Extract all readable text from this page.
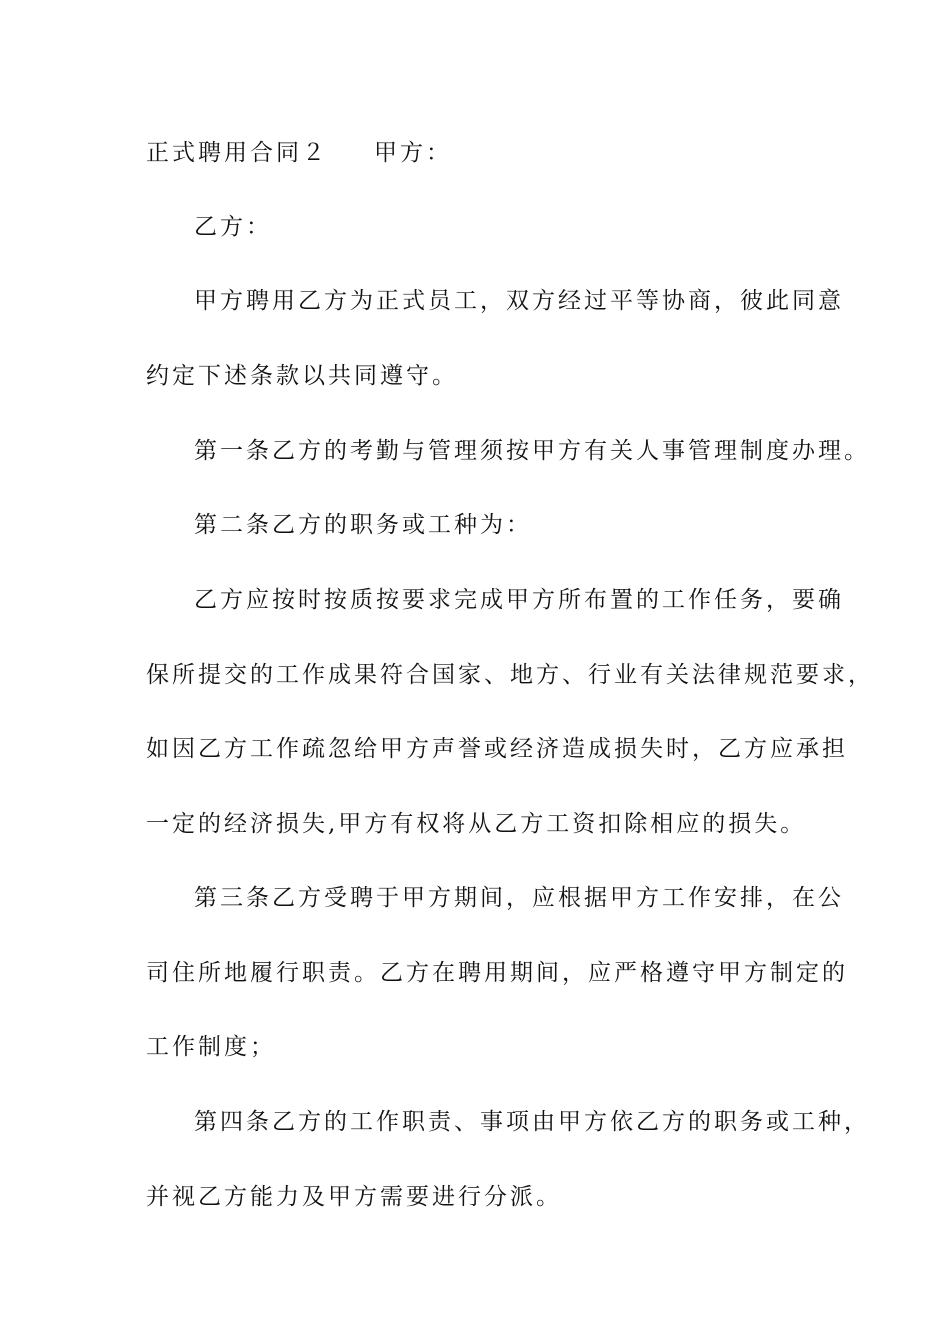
正式聘用合同２ 甲方：
乙方：
甲方聘用乙方为正式员工，双方经过平等协商，彼此同意
约定下述条款以共同遵守。
第一条乙方的考勤与管理须按甲方有关人事管理制度办理。
第二条乙方的职务或工种为：
乙方应按时按质按要求完成甲方所布置的工作任务，要确
保所提交的工作成果符合国家、地方、行业有关法律规范要求，
如因乙方工作疏忽给甲方声誉或经济造成损失时，乙方应承担
一定的经济损失,甲方有权将从乙方工资扣除相应的损失。
第三条乙方受聘于甲方期间，应根据甲方工作安排，在公
司住所地履行职责。乙方在聘用期间，应严格遵守甲方制定的
工作制度；
第四条乙方的工作职责、事项由甲方依乙方的职务或工种，
并视乙方能力及甲方需要进行分派。
